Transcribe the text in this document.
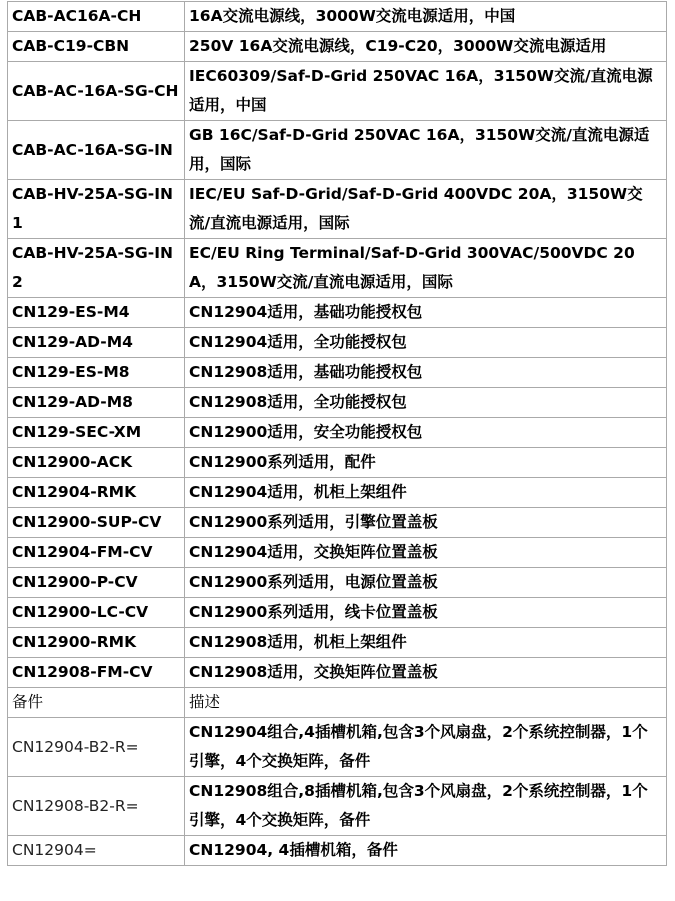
CAB-AC16A-CH	16A交流电源线，3000W交流电源适用，中国
CAB-C19-CBN	250V 16A交流电源线，C19-C20，3000W交流电源适用
CAB-AC-16A-SG-CH	IEC60309/Saf-D-Grid 250VAC 16A，3150W交流/直流电源适用，中国
CAB-AC-16A-SG-IN	GB 16C/Saf-D-Grid 250VAC 16A，3150W交流/直流电源适用，国际
CAB-HV-25A-SG-IN1	IEC/EU Saf-D-Grid/Saf-D-Grid 400VDC 20A，3150W交流/直流电源适用，国际
CAB-HV-25A-SG-IN2	EC/EU Ring Terminal/Saf-D-Grid 300VAC/500VDC 20A，3150W交流/直流电源适用，国际
CN129-ES-M4	CN12904适用，基础功能授权包
CN129-AD-M4	CN12904适用，全功能授权包
CN129-ES-M8	CN12908适用，基础功能授权包
CN129-AD-M8	CN12908适用，全功能授权包
CN129-SEC-XM	CN12900适用，安全功能授权包
CN12900-ACK	CN12900系列适用，配件
CN12904-RMK	CN12904适用，机柜上架组件
CN12900-SUP-CV	CN12900系列适用，引擎位置盖板
CN12904-FM-CV	CN12904适用，交换矩阵位置盖板
CN12900-P-CV	CN12900系列适用，电源位置盖板
CN12900-LC-CV	CN12900系列适用，线卡位置盖板
CN12900-RMK	CN12908适用，机柜上架组件
CN12908-FM-CV	CN12908适用，交换矩阵位置盖板
备件	描述
CN12904-B2-R=	CN12904组合,4插槽机箱,包含3个风扇盘，2个系统控制器，1个引擎，4个交换矩阵，备件
CN12908-B2-R=	CN12908组合,8插槽机箱,包含3个风扇盘，2个系统控制器，1个引擎，4个交换矩阵，备件
CN12904=	CN12904, 4插槽机箱，备件
